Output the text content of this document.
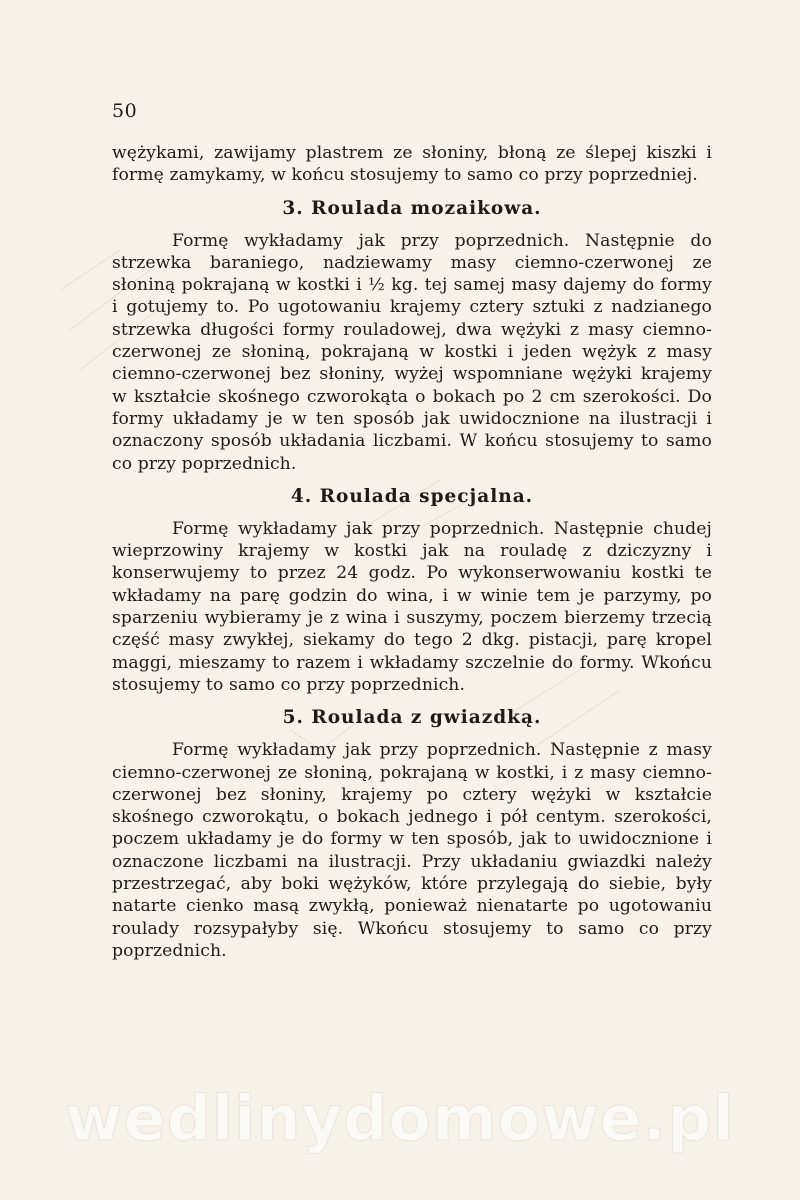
50

wężykami, zawijamy plastrem ze słoniny, błoną ze ślepej kiszki i formę zamykamy, w końcu stosujemy to samo co przy poprzedniej.

3. Roulada mozaikowa.

Formę wykładamy jak przy poprzednich. Następnie do strzewka baraniego, nadziewamy masy ciemno-czerwonej ze słoniną pokrajaną w kostki i ½ kg. tej samej masy dajemy do formy i gotujemy to. Po ugotowaniu krajemy cztery sztuki z nadzianego strzewka długości formy rouladowej, dwa wężyki z masy ciemno-czerwonej ze słoniną, pokrajaną w kostki i jeden wężyk z masy ciemno-czerwonej bez słoniny, wyżej wspomniane wężyki krajemy w kształcie skośnego czworokąta o bokach po 2 cm szerokości. Do formy układamy je w ten sposób jak uwidocznione na ilustracji i oznaczony sposób układania liczbami. W końcu stosujemy to samo co przy poprzednich.

4. Roulada specjalna.

Formę wykładamy jak przy poprzednich. Następnie chudej wieprzowiny krajemy w kostki jak na rouladę z dziczyzny i konserwujemy to przez 24 godz. Po wykonserwowaniu kostki te wkładamy na parę godzin do wina, i w winie tem je parzymy, po sparzeniu wybieramy je z wina i suszymy, poczem bierzemy trzecią część masy zwykłej, siekamy do tego 2 dkg. pistacji, parę kropel maggi, mieszamy to razem i wkładamy szczelnie do formy. Wkońcu stosujemy to samo co przy poprzednich.

5. Roulada z gwiazdką.

Formę wykładamy jak przy poprzednich. Następnie z masy ciemno-czerwonej ze słoniną, pokrajaną w kostki, i z masy ciemno-czerwonej bez słoniny, krajemy po cztery wężyki w kształcie skośnego czworokątu, o bokach jednego i pół centym. szerokości, poczem układamy je do formy w ten sposób, jak to uwidocznione i oznaczone liczbami na ilustracji. Przy układaniu gwiazdki należy przestrzegać, aby boki wężyków, które przylegają do siebie, były natarte cienko masą zwykłą, ponieważ nienatarte po ugotowaniu rouladу rozsypałyby się. Wkońcu stosujemy to samo co przy poprzednich.

wedlinydomowe.pl
